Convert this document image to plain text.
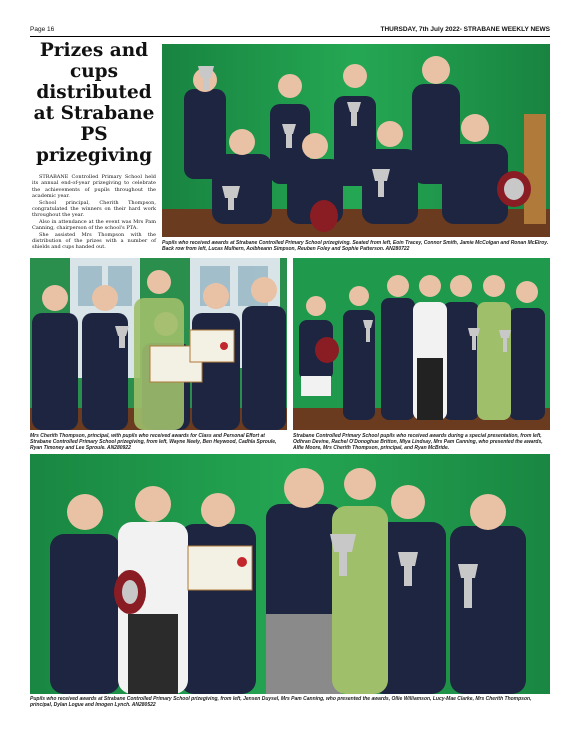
Page 16	THURSDAY, 7th July 2022- STRABANE WEEKLY NEWS
Prizes and cups distributed at Strabane PS prizegiving

STRABANE Controlled Primary School held its annual end-of-year prizegiving to celebrate the achievements of pupils throughout the academic year.

School principal, Cherith Thompson, congratulated the winners on their hard work throughout the year.

Also in attendance at the event was Mrs Pam Canning, chairperson of the school's PTA.

She assisted Mrs Thompson with the distribution of the prizes with a number of shields and cups handed out.

Pupils who received awards at Strabane Controlled Primary School prizegiving. Seated from left, Eoin Tracey, Connor Smith, Jamie McColgan and Ronan McElroy. Back row from left, Lucas Mulhern, Aoibheann Simpson, Reuben Foley and Sophie Patterson. AN280722
Mrs Cherith Thompson, principal, with pupils who received awards for Class and Personal Effort at Strabane Controlled Primary School prizegiving, from left, Wayne Neely, Ben Heywood, Cadhla Sproule, Ryan Timoney and Lee Sproule. AN280922
Strabane Controlled Primary School pupils who received awards during a special presentation, from left, Odhran Devine, Rachel O'Donoghue Britton, Miya Lindsay, Mrs Pam Canning, who presented the awards, Alfie Moore, Mrs Cherith Thompson, principal, and Ryan McBride.
Pupils who received awards at Strabane Controlled Primary School prizegiving, from left, Jensen Duysel, Mrs Pam Canning, who presented the awards, Ollie Williamson, Lucy-Mae Clarke, Mrs Cherith Thompson, principal, Dylan Logue and Imogen Lynch. AN280522
